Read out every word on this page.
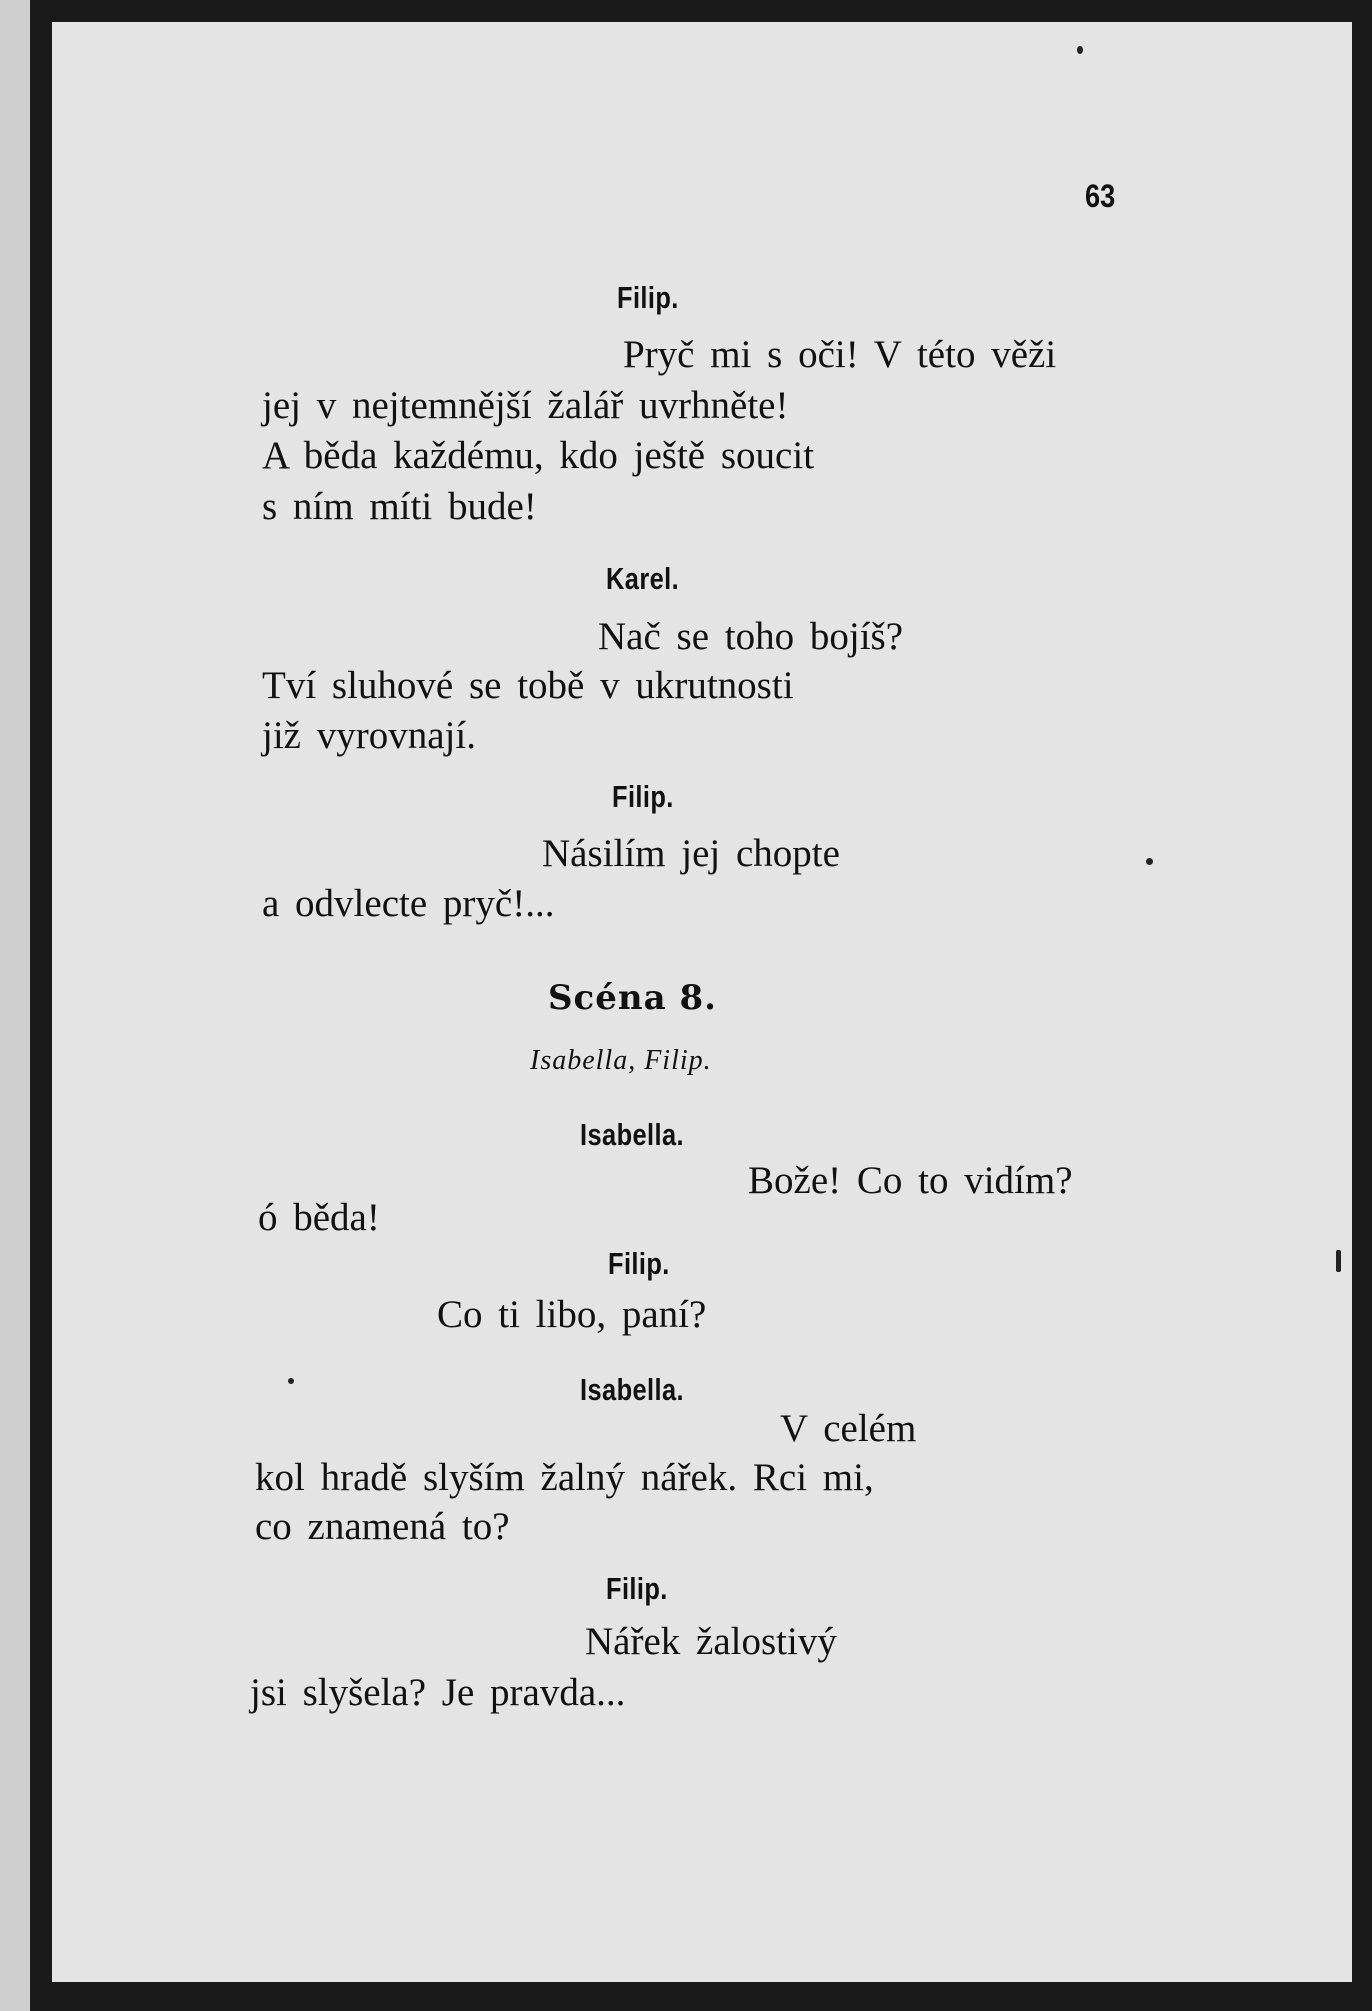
63
Filip.
Pryč mi s oči! V této věži
jej v nejtemnější žalář uvrhněte!
A běda každému, kdo ještě soucit
s ním míti bude!
Karel.
Nač se toho bojíš?
Tví sluhové se tobě v ukrutnosti
již vyrovnají.
Filip.
Násilím jej chopte
a odvlecte pryč!...
Scéna 8.
Isabella, Filip.
Isabella.
Bože! Co to vidím?
ó běda!
Filip.
Co ti libo, paní?
Isabella.
V celém
kol hradě slyším žalný nářek. Rci mi,
co znamená to?
Filip.
Nářek žalostivý
jsi slyšela? Je pravda...
